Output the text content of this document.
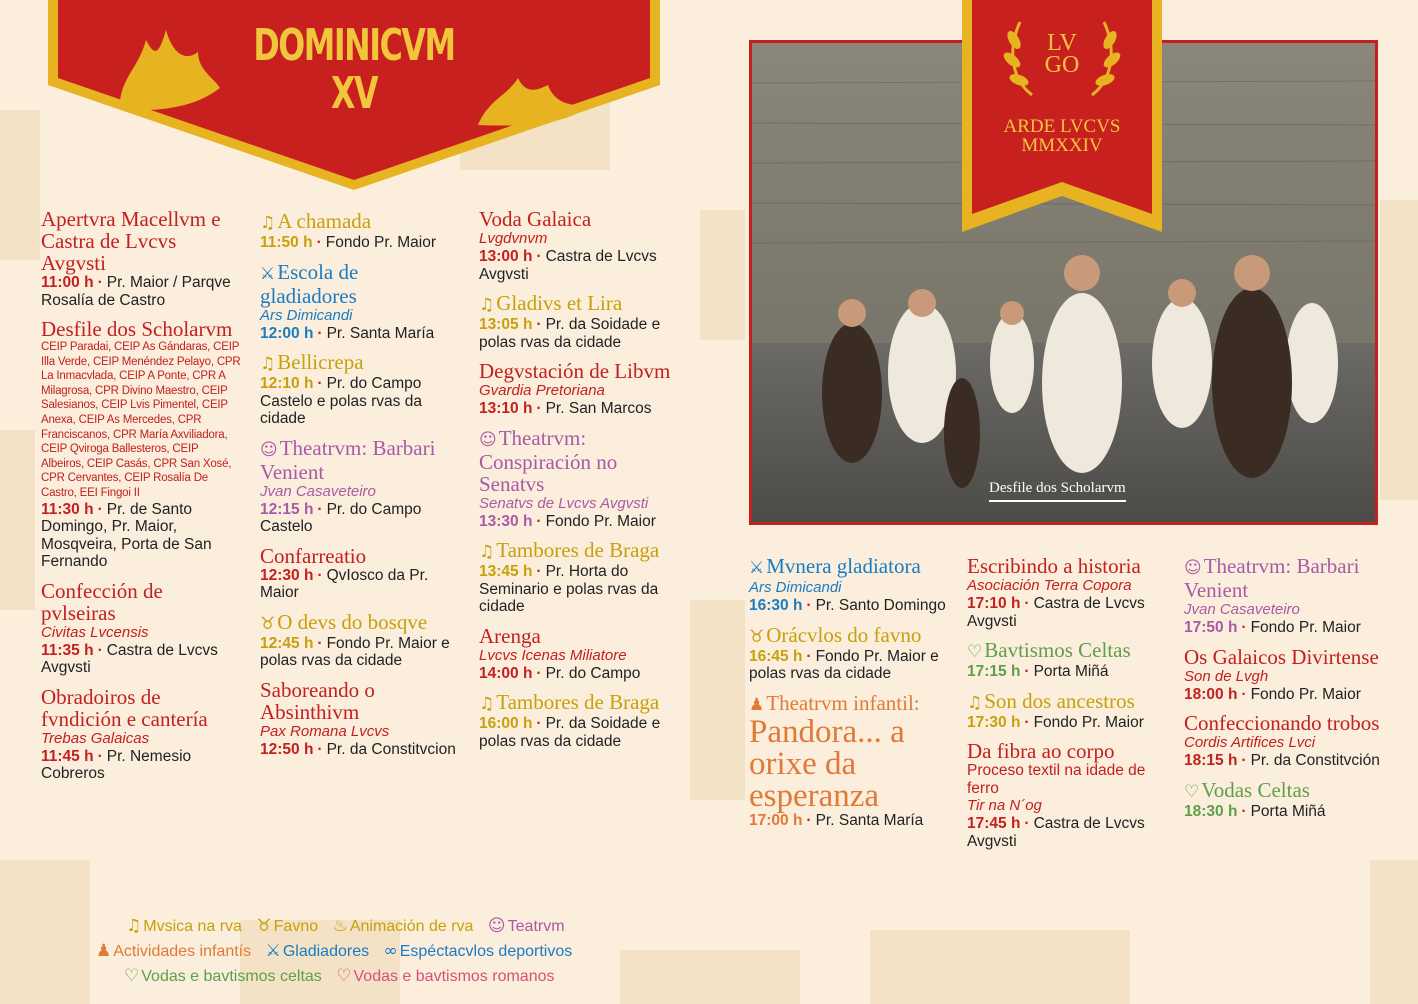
DOMINICVM
XV
Desfile dos Scholarvm
LV
GO
ARDE LVCVS
MMXXIV
Apertvra Macellvm e Castra de Lvcvs Avgvsti
11:00 h · Pr. Maior / Parqve Rosalía de Castro
Desfile dos Scholarvm
CEIP Paradai, CEIP As Gándaras, CEIP Illa Verde, CEIP Menéndez Pelayo, CPR La Inmacvlada, CEIP A Ponte, CPR A Milagrosa, CPR Divino Maestro, CEIP Salesianos, CEIP Lvis Pimentel, CEIP Anexa, CEIP As Mercedes, CPR Franciscanos, CPR María Axviliadora, CEIP Qviroga Ballesteros, CEIP Albeiros, CEIP Casás, CPR San Xosé, CPR Cervantes, CEIP Rosalía De Castro, EEI Fingoi II
11:30 h · Pr. de Santo Domingo, Pr. Maior, Mosqveira, Porta de San Fernando
Confección de pvlseiras
Civitas Lvcensis
11:35 h · Castra de Lvcvs Avgvsti
Obradoiros de fvndición e cantería
Trebas Galaicas
11:45 h · Pr. Nemesio Cobreros
♫A chamada
11:50 h · Fondo Pr. Maior
⚔Escola de gladiadores
Ars Dimicandi
12:00 h · Pr. Santa María
♫Bellicrepa
12:10 h · Pr. do Campo Castelo e polas rvas da cidade
☺Theatrvm: Barbari Venient
Jvan Casaveteiro
12:15 h · Pr. do Campo Castelo
Confarreatio
12:30 h · QvIosco da Pr. Maior
♉O devs do bosqve
12:45 h · Fondo Pr. Maior e polas rvas da cidade
Saboreando o Absinthivm
Pax Romana Lvcvs
12:50 h · Pr. da Constitvcion
Voda Galaica
Lvgdvnvm
13:00 h · Castra de Lvcvs Avgvsti
♫Gladivs et Lira
13:05 h · Pr. da Soidade e polas rvas da cidade
Degvstación de Libvm
Gvardia Pretoriana
13:10 h · Pr. San Marcos
☺Theatrvm: Conspiración no Senatvs
Senatvs de Lvcvs Avgvsti
13:30 h · Fondo Pr. Maior
♫Tambores de Braga
13:45 h · Pr. Horta do Seminario e polas rvas da cidade
Arenga
Lvcvs Icenas Miliatore
14:00 h · Pr. do Campo
♫Tambores de Braga
16:00 h · Pr. da Soidade e polas rvas da cidade
⚔Mvnera gladiatora
Ars Dimicandi
16:30 h · Pr. Santo Domingo
♉Orácvlos do favno
16:45 h · Fondo Pr. Maior e polas rvas da cidade
♟Theatrvm infantil:
Pandora... a orixe da esperanza
17:00 h · Pr. Santa María
Escribindo a historia
Asociación Terra Copora
17:10 h · Castra de Lvcvs Avgvsti
♡Bavtismos Celtas
17:15 h · Porta Miñá
♫Son dos ancestros
17:30 h · Fondo Pr. Maior
Da fibra ao corpo
Proceso textil na idade de ferro
Tir na N´og
17:45 h · Castra de Lvcvs Avgvsti
☺Theatrvm: Barbari Venient
Jvan Casaveteiro
17:50 h · Fondo Pr. Maior
Os Galaicos Divirtense
Son de Lvgh
18:00 h · Fondo Pr. Maior
Confeccionando trobos
Cordis Artifices Lvci
18:15 h · Pr. da Constitvción
♡Vodas Celtas
18:30 h · Porta Miñá
♫ Mvsica na rva ♉ Favno ♨ Animación de rva ☺ Teatrvm
♟ Actividades infantís ⚔ Gladiadores ∞ Espéctacvlos deportivos
♡ Vodas e bavtismos celtas ♡ Vodas e bavtismos romanos
